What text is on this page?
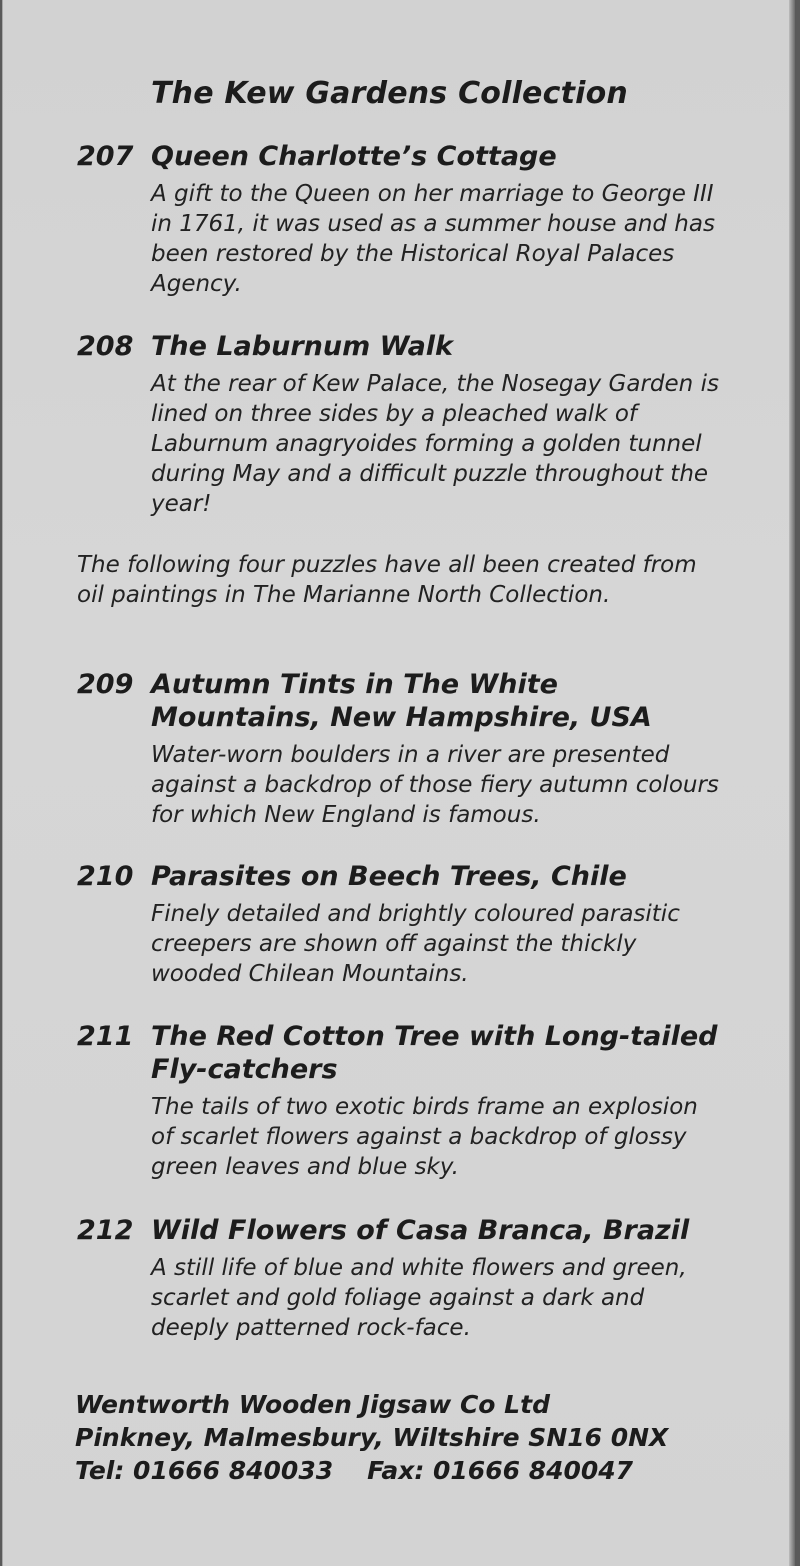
The Kew Gardens Collection
207 Queen Charlotte’s Cottage
A gift to the Queen on her marriage to George III in 1761, it was used as a summer house and has been restored by the Historical Royal Palaces Agency.
208 The Laburnum Walk
At the rear of Kew Palace, the Nosegay Garden is lined on three sides by a pleached walk of Laburnum anagryoides forming a golden tunnel during May and a difficult puzzle throughout the year!

The following four puzzles have all been created from oil paintings in The Marianne North Collection.

209 Autumn Tints in The White Mountains, New Hampshire, USA
Water-worn boulders in a river are presented against a backdrop of those fiery autumn colours for which New England is famous.
210 Parasites on Beech Trees, Chile
Finely detailed and brightly coloured parasitic creepers are shown off against the thickly wooded Chilean Mountains.
211 The Red Cotton Tree with Long-tailed Fly-catchers
The tails of two exotic birds frame an explosion of scarlet flowers against a backdrop of glossy green leaves and blue sky.
212 Wild Flowers of Casa Branca, Brazil
A still life of blue and white flowers and green, scarlet and gold foliage against a dark and deeply patterned rock-face.
Wentworth Wooden Jigsaw Co Ltd
Pinkney, Malmesbury, Wiltshire SN16 0NX
Tel: 01666 840033 Fax: 01666 840047
